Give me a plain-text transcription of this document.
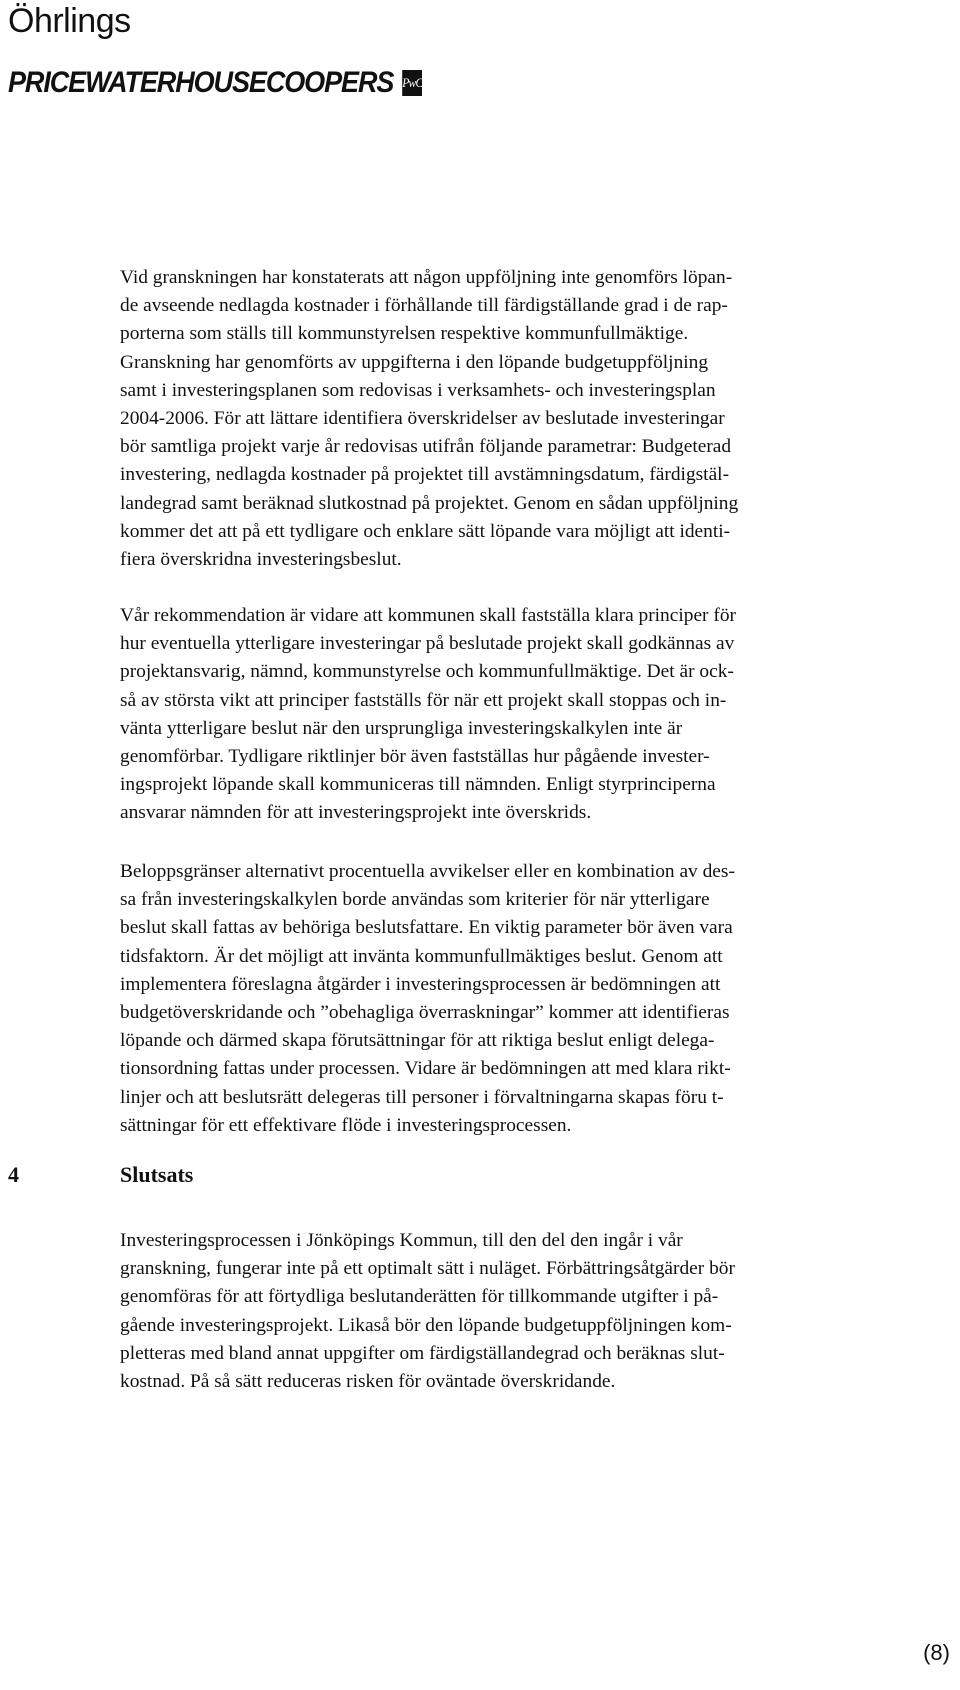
Öhrlings
PRICEWATERHOUSECOOPERS PwC
Vid granskningen har konstaterats att någon uppföljning inte genomförs löpan-
de avseende nedlagda kostnader i förhållande till färdigställande grad i de rap-
porterna som ställs till kommunstyrelsen respektive kommunfullmäktige.
Granskning har genomförts av uppgifterna i den löpande budgetuppföljning
samt i investeringsplanen som redovisas i verksamhets- och investeringsplan
2004-2006. För att lättare identifiera överskridelser av beslutade investeringar
bör samtliga projekt varje år redovisas utifrån följande parametrar: Budgeterad
investering, nedlagda kostnader på projektet till avstämningsdatum, färdigstäl-
landegrad samt beräknad slutkostnad på projektet. Genom en sådan uppföljning
kommer det att på ett tydligare och enklare sätt löpande vara möjligt att identi-
fiera överskridna investeringsbeslut.
Vår rekommendation är vidare att kommunen skall fastställa klara principer för
hur eventuella ytterligare investeringar på beslutade projekt skall godkännas av
projektansvarig, nämnd, kommunstyrelse och kommunfullmäktige. Det är ock-
så av största vikt att principer fastställs för när ett projekt skall stoppas och in-
vänta ytterligare beslut när den ursprungliga investeringskalkylen inte är
genomförbar. Tydligare riktlinjer bör även fastställas hur pågående invester-
ingsprojekt löpande skall kommuniceras till nämnden. Enligt styrprinciperna
ansvarar nämnden för att investeringsprojekt inte överskrids.
Beloppsgränser alternativt procentuella avvikelser eller en kombination av des-
sa från investeringskalkylen borde användas som kriterier för när ytterligare
beslut skall fattas av behöriga beslutsfattare. En viktig parameter bör även vara
tidsfaktorn. Är det möjligt att invänta kommunfullmäktiges beslut. Genom att
implementera föreslagna åtgärder i investeringsprocessen är bedömningen att
budgetöverskridande och ”obehagliga överraskningar” kommer att identifieras
löpande och därmed skapa förutsättningar för att riktiga beslut enligt delega-
tionsordning fattas under processen. Vidare är bedömningen att med klara rikt-
linjer och att beslutsrätt delegeras till personer i förvaltningarna skapas föru t-
sättningar för ett effektivare flöde i investeringsprocessen.
4	Slutsats
Investeringsprocessen i Jönköpings Kommun, till den del den ingår i vår
granskning, fungerar inte på ett optimalt sätt i nuläget. Förbättringsåtgärder bör
genomföras för att förtydliga beslutanderätten för tillkommande utgifter i på-
gående investeringsprojekt. Likaså bör den löpande budgetuppföljningen kom-
pletteras med bland annat uppgifter om färdigställandegrad och beräknas slut-
kostnad. På så sätt reduceras risken för oväntade överskridande.
(8)
